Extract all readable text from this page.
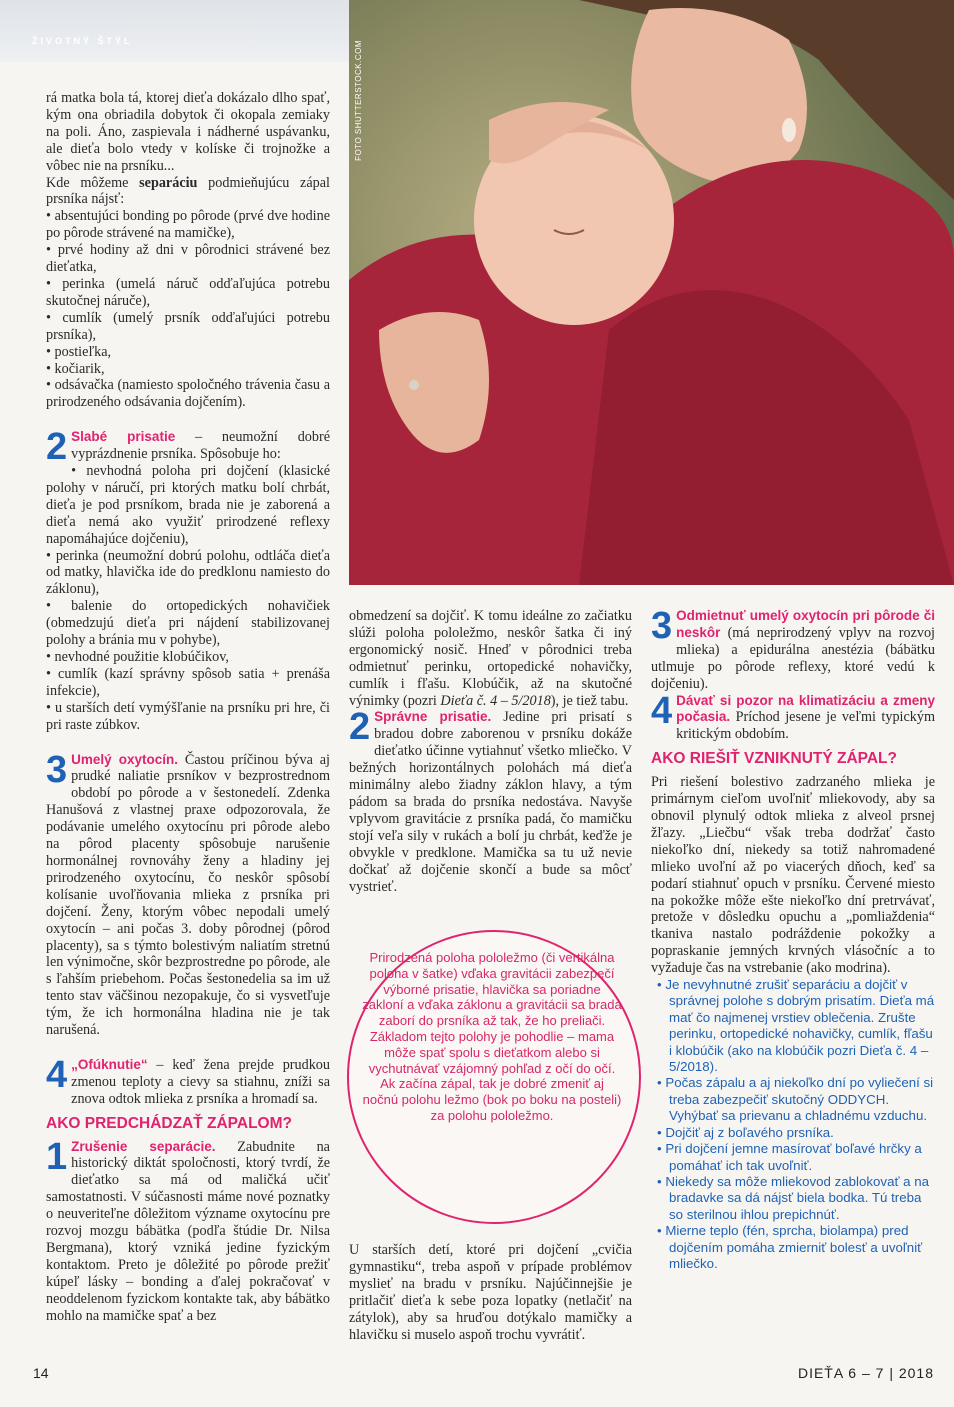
ŽIVOTNÝ ŠTÝL	FOTO SHUTTERSTOCK.COM

rá matka bola tá, ktorej dieťa dokázalo dlho spať, kým ona obriadila dobytok či okopala zemiaky na poli. Áno, zaspievala i nádherné uspávanku, ale dieťa bolo vtedy v kolíske či trojnožke a vôbec nie na prsníku...

Kde môžeme separáciu podmieňujúcu zápal prsníka nájsť:

• absentujúci bonding po pôrode (prvé dve hodine po pôrode strávené na mamičke),

• prvé hodiny až dni v pôrodnici strávené bez dieťatka,

• perinka (umelá náruč odďaľujúca potrebu skutočnej náruče),

• cumlík (umelý prsník odďaľujúci potrebu prsníka),

• postieľka,

• kočiarik,

• odsávačka (namiesto spoločného trávenia času a prirodzeného odsávania dojčením).

2 Slabé prisatie – neumožní dobré vyprázdnenie prsníka. Spôsobuje ho:

• nevhodná poloha pri dojčení (klasické polohy v náručí, pri ktorých matku bolí chrbát, dieťa je pod prsníkom, brada nie je zaborená a dieťa nemá ako využiť prirodzené reflexy napomáhajúce dojčeniu),

• perinka (neumožní dobrú polohu, odtláča dieťa od matky, hlavička ide do predklonu namiesto do záklonu),

• balenie do ortopedických nohavičiek (obmedzujú dieťa pri nájdení stabilizovanej polohy a bránia mu v pohybe),

• nevhodné použitie klobúčikov,

• cumlík (kazí správny spôsob satia + prenáša infekcie),

• u starších detí vymýšľanie na prsníku pri hre, či pri raste zúbkov.

3 Umelý oxytocín. Častou príčinou býva aj prudké naliatie prsníkov v bezprostrednom období po pôrode a v šestonedelí. Zdenka Hanušová z vlastnej praxe odpozorovala, že podávanie umelého oxytocínu pri pôrode alebo na pôrod placenty spôsobuje narušenie hormonálnej rovnováhy ženy a hladiny jej prirodzeného oxytocínu, čo neskôr spôsobí kolísanie uvoľňovania mlieka z prsníka pri dojčení. Ženy, ktorým vôbec nepodali umelý oxytocín – ani počas 3. doby pôrodnej (pôrod placenty), sa s týmto bolestivým naliatím stretnú len výnimočne, skôr bezprostredne po pôrode, ale s ľahším priebehom. Počas šestonedelia sa im už tento stav väčšinou nezopakuje, čo si vysvetľuje tým, že ich hormonálna hladina nie je tak narušená.

4 „Ofúknutie“ – keď žena prejde prudkou zmenou teploty a cievy sa stiahnu, zníži sa znova odtok mlieka z prsníka a hromadí sa.

AKO PREDCHÁDZAŤ ZÁPALOM?

1 Zrušenie separácie. Zabudnite na historický diktát spoločnosti, ktorý tvrdí, že dieťatko sa má od maličká učiť samostatnosti. V súčasnosti máme nové poznatky o neuveriteľne dôležitom význame oxytocínu pre rozvoj mozgu bábätka (podľa štúdie Dr. Nilsa Bergmana), ktorý vzniká jedine fyzickým kontaktom. Preto je dôležité po pôrode prežiť kúpeľ lásky – bonding a ďalej pokračovať v neoddelenom fyzickom kontakte tak, aby bábätko mohlo na mamičke spať a bez

obmedzení sa dojčiť. K tomu ideálne zo začiatku slúži poloha pololežmo, neskôr šatka či iný ergonomický nosič. Hneď v pôrodnici treba odmietnuť perinku, ortopedické nohavičky, cumlík i fľašu. Klobúčik, až na skutočné výnimky (pozri Dieťa č. 4 – 5/2018), je tiež tabu.

2 Správne prisatie. Jedine pri prisatí s bradou dobre zaborenou v prsníku dokáže dieťatko účinne vytiahnuť všetko mliečko. V bežných horizontálnych polohách má dieťa minimálny alebo žiadny záklon hlavy, a tým pádom sa brada do prsníka nedostáva. Navyše vplyvom gravitácie z prsníka padá, čo mamičku stojí veľa sily v rukách a bolí ju chrbát, keďže je obvykle v predklone. Mamička sa tu už nevie dočkať až dojčenie skončí a bude sa môcť vystrieť.

Prirodzená poloha pololežmo (či vertikálna poloha v šatke) vďaka gravitácii zabezpečí výborné prisatie, hlavička sa poriadne zakloní a vďaka záklonu a gravitácii sa brada zaborí do prsníka až tak, že ho preliači. Základom tejto polohy je pohodlie – mama môže spať spolu s dieťatkom alebo si vychutnávať vzájomný pohľad z očí do očí. Ak začína zápal, tak je dobré zmeniť aj nočnú polohu ležmo (bok po boku na posteli) za polohu pololežmo.

U starších detí, ktoré pri dojčení „cvičia gymnastiku“, treba aspoň v prípade problémov myslieť na bradu v prsníku. Najúčinnejšie je pritlačiť dieťa k sebe poza lopatky (netlačiť na zátylok), aby sa hruďou dotýkalo mamičky a hlavičku si muselo aspoň trochu vyvrátiť.

3 Odmietnuť umelý oxytocín pri pôrode či neskôr (má neprirodzený vplyv na rozvoj mlieka) a epidurálna anestézia (bábätku utlmuje po pôrode reflexy, ktoré vedú k dojčeniu).

4 Dávať si pozor na klimatizáciu a zmeny počasia. Príchod jesene je veľmi typickým kritickým obdobím.

AKO RIEŠIŤ VZNIKNUTÝ ZÁPAL?

Pri riešení bolestivo zadrzaného mlieka je primárnym cieľom uvoľniť mliekovody, aby sa obnovil plynulý odtok mlieka z alveol prsnej žľazy. „Liečbu“ však treba dodržať často niekoľko dní, niekedy sa totiž nahromadené mlieko uvoľní až po viacerých dňoch, keď sa podarí stiahnuť opuch v prsníku. Červené miesto na pokožke môže ešte niekoľko dní pretrvávať, pretože v dôsledku opuchu a „pomliaždenia“ tkaniva nastalo podráždenie pokožky a popraskanie jemných krvných vlásočníc a to vyžaduje čas na vstrebanie (ako modrina).

• Je nevyhnutné zrušiť separáciu a dojčiť v správnej polohe s dobrým prisatím. Dieťa má mať čo najmenej vrstiev oblečenia. Zrušte perinku, ortopedické nohavičky, cumlík, fľašu i klobúčik (ako na klobúčik pozri Dieťa č. 4 – 5/2018).

• Počas zápalu a aj niekoľko dní po vyliečení si treba zabezpečiť skutočný ODDYCH. Vyhýbať sa prievanu a chladnému vzduchu.

• Dojčiť aj z boľavého prsníka.

• Pri dojčení jemne masírovať boľavé hrčky a pomáhať ich tak uvoľniť.

• Niekedy sa môže mliekovod zablokovať a na bradavke sa dá nájsť biela bodka. Tú treba so sterilnou ihlou prepichnúť.

• Mierne teplo (fén, sprcha, biolampa) pred dojčením pomáha zmierniť bolesť a uvoľniť mliečko.

14	DIEŤA 6 – 7 | 2018
